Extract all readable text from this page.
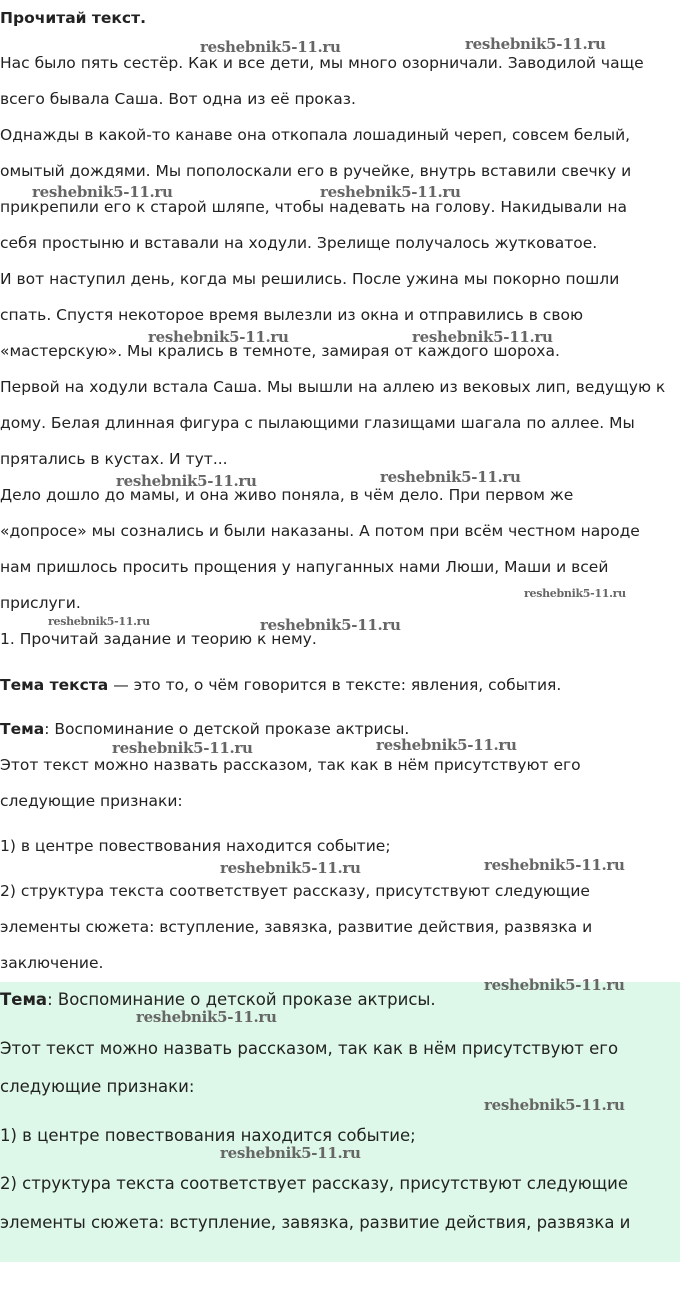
Прочитай текст.
Нас было пять сестёр. Как и все дети, мы много озорничали. Заводилой чаще
всего бывала Саша. Вот одна из её проказ.
Однажды в какой-то канаве она откопала лошадиный череп, совсем белый,
омытый дождями. Мы пополоскали его в ручейке, внутрь вставили свечку и
прикрепили его к старой шляпе, чтобы надевать на голову. Накидывали на
себя простыню и вставали на ходули. Зрелище получалось жутковатое.
И вот наступил день, когда мы решились. После ужина мы покорно пошли
спать. Спустя некоторое время вылезли из окна и отправились в свою
«мастерскую». Мы крались в темноте, замирая от каждого шороха.
Первой на ходули встала Саша. Мы вышли на аллею из вековых лип, ведущую к
дому. Белая длинная фигура с пылающими глазищами шагала по аллее. Мы
прятались в кустах. И тут...
Дело дошло до мамы, и она живо поняла, в чём дело. При первом же
«допросе» мы сознались и были наказаны. А потом при всём честном народе
нам пришлось просить прощения у напуганных нами Люши, Маши и всей
прислуги.
1. Прочитай задание и теорию к нему.
Тема текста — это то, о чём говорится в тексте: явления, события.
Тема: Воспоминание о детской проказе актрисы.
Этот текст можно назвать рассказом, так как в нём присутствуют его
следующие признаки:
1) в центре повествования находится событие;
2) структура текста соответствует рассказу, присутствуют следующие
элементы сюжета: вступление, завязка, развитие действия, развязка и
заключение.
Тема: Воспоминание о детской проказе актрисы.
Этот текст можно назвать рассказом, так как в нём присутствуют его
следующие признаки:
1) в центре повествования находится событие;
2) структура текста соответствует рассказу, присутствуют следующие
элементы сюжета: вступление, завязка, развитие действия, развязка и
reshebnik5-11.ru	reshebnik5-11.ru
reshebnik5-11.ru	reshebnik5-11.ru
reshebnik5-11.ru	reshebnik5-11.ru
reshebnik5-11.ru	reshebnik5-11.ru
reshebnik5-11.ru
reshebnik5-11.ru	reshebnik5-11.ru
reshebnik5-11.ru	reshebnik5-11.ru
reshebnik5-11.ru	reshebnik5-11.ru
reshebnik5-11.ru
reshebnik5-11.ru
reshebnik5-11.ru
reshebnik5-11.ru
